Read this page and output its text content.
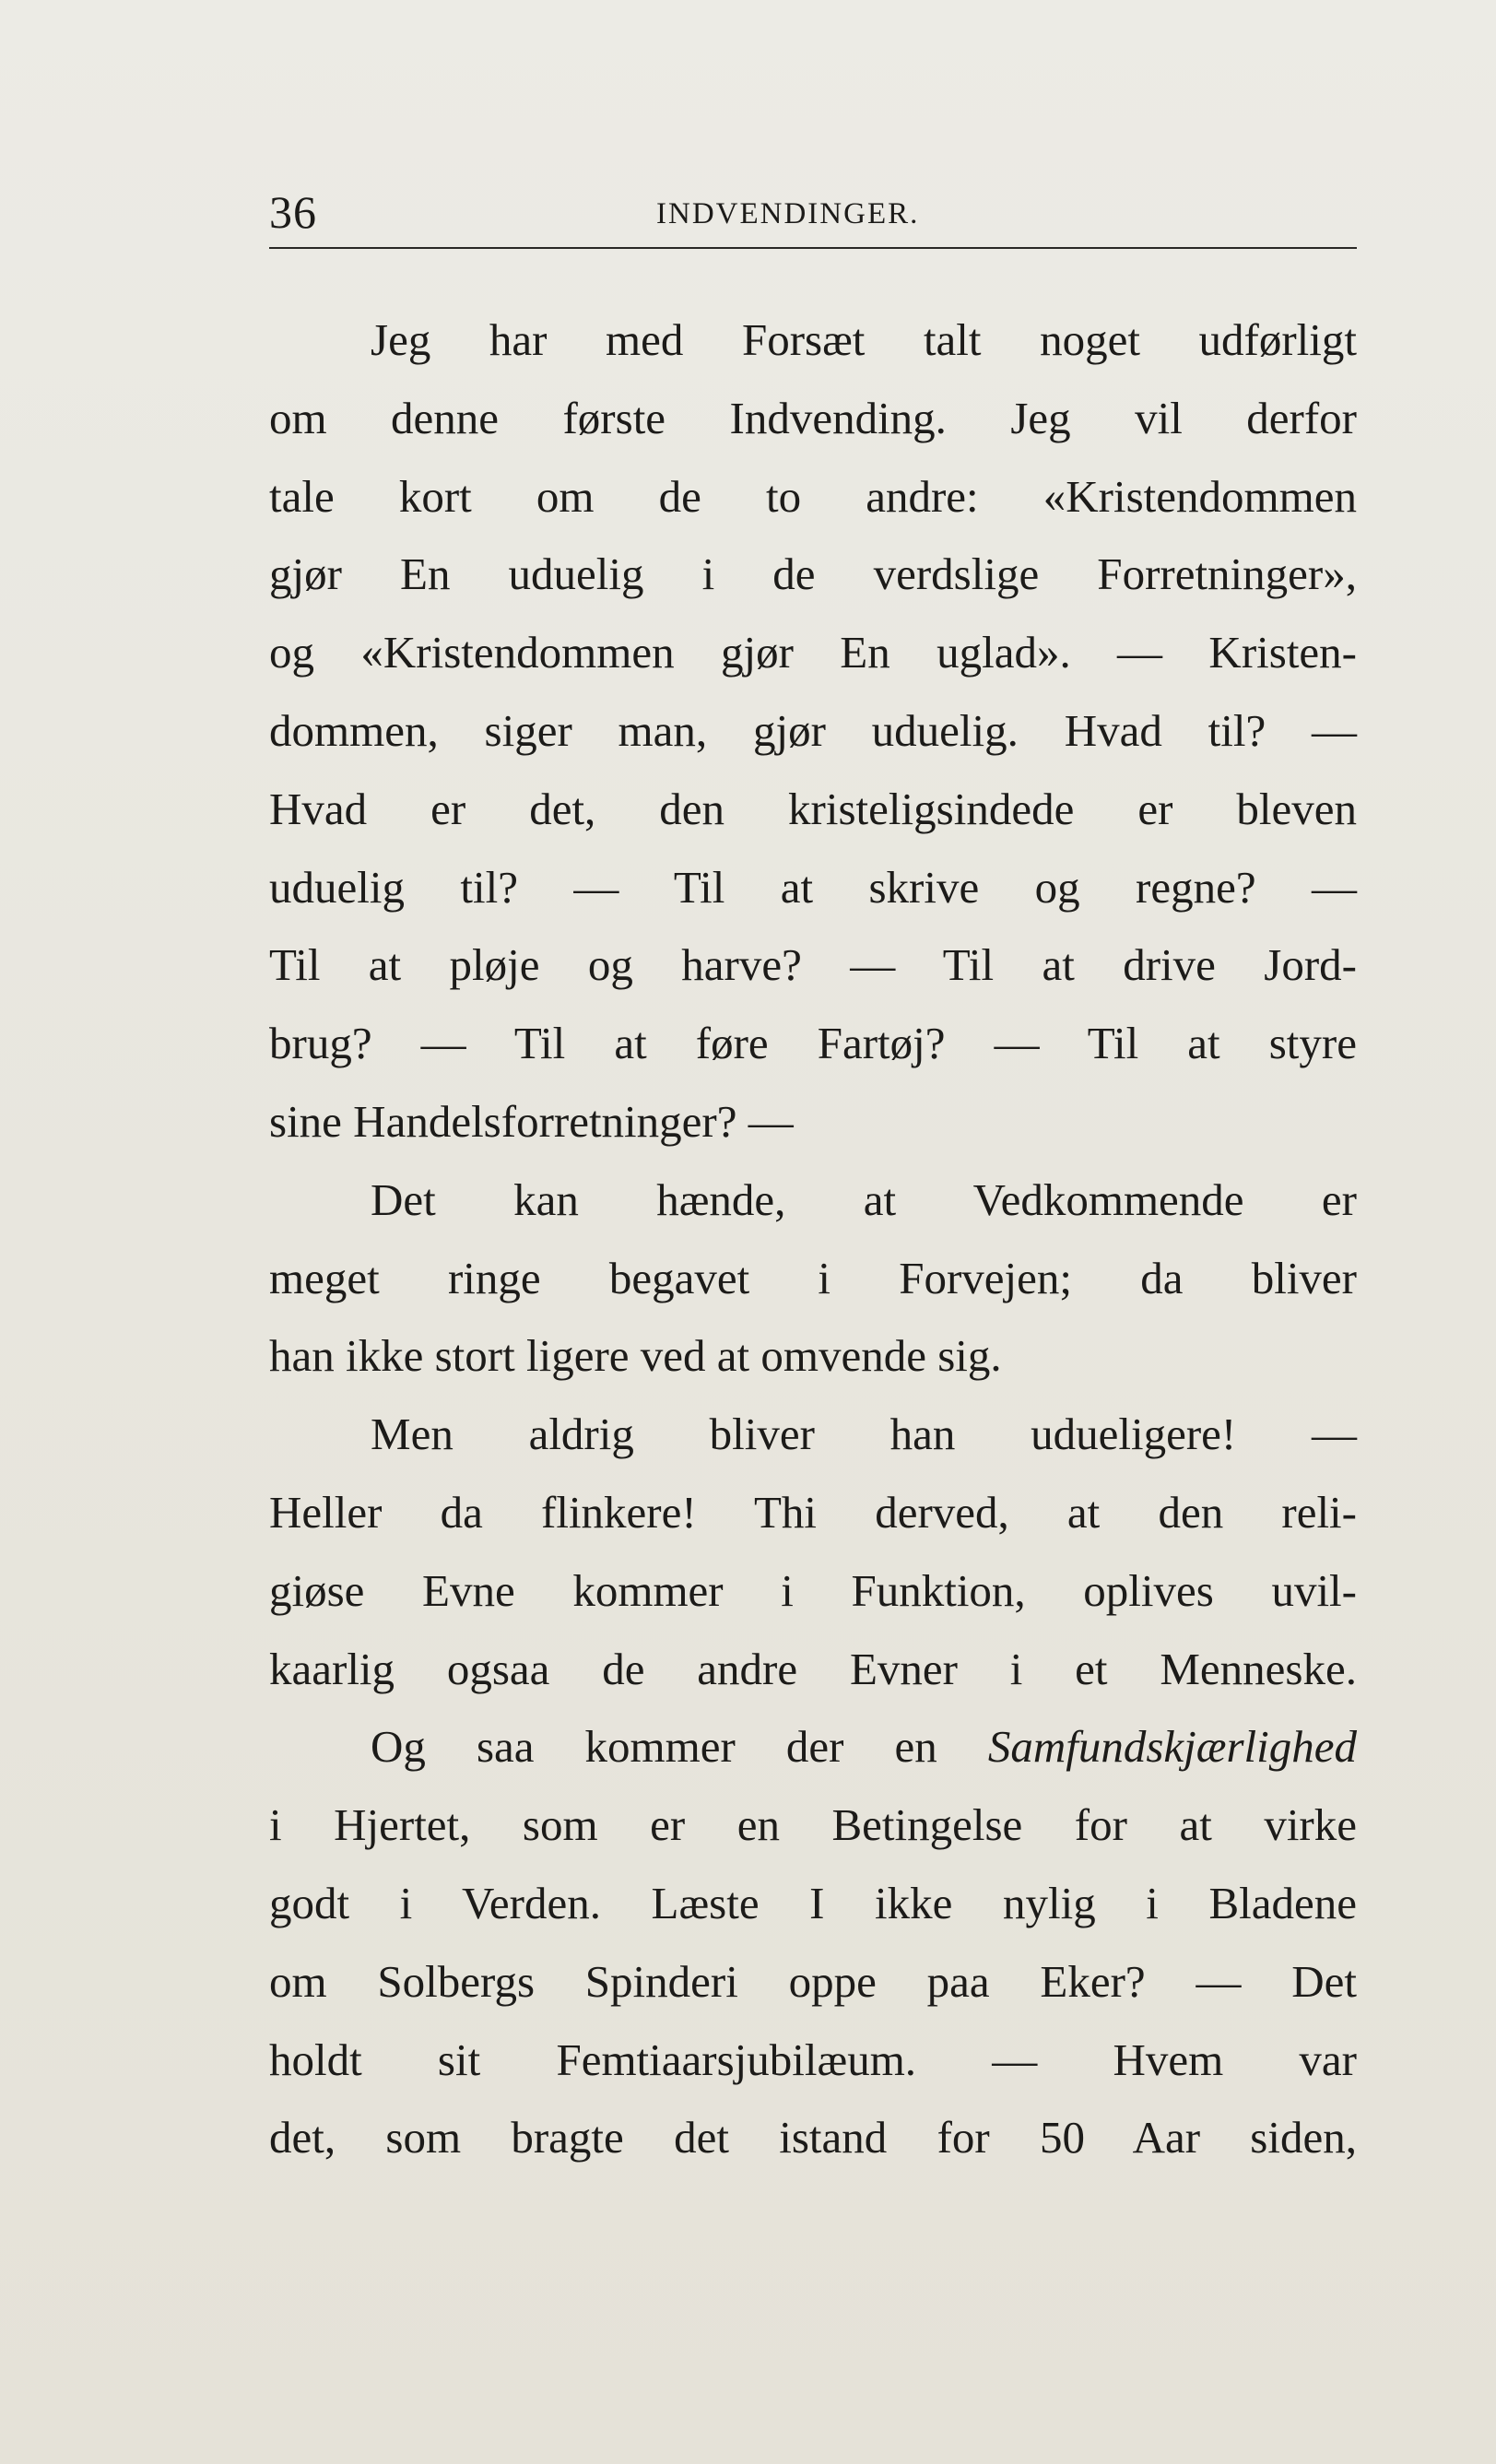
36	INDVENDINGER.
Jeg har med Forsæt talt noget udførligt
om denne første Indvending. Jeg vil derfor
tale kort om de to andre: «Kristendommen
gjør En uduelig i de verdslige Forretninger»,
og «Kristendommen gjør En uglad». — Kristen-
dommen, siger man, gjør uduelig. Hvad til? —
Hvad er det, den kristeligsindede er bleven
uduelig til? — Til at skrive og regne? —
Til at pløje og harve? — Til at drive Jord-
brug? — Til at føre Fartøj? — Til at styre
sine Handelsforretninger? —
Det kan hænde, at Vedkommende er
meget ringe begavet i Forvejen; da bliver
han ikke stort ligere ved at omvende sig.
Men aldrig bliver han udueligere! —
Heller da flinkere! Thi derved, at den reli-
giøse Evne kommer i Funktion, oplives uvil-
kaarlig ogsaa de andre Evner i et Menneske.
Og saa kommer der en Samfundskjærlighed
i Hjertet, som er en Betingelse for at virke
godt i Verden. Læste I ikke nylig i Bladene
om Solbergs Spinderi oppe paa Eker? — Det
holdt sit Femtiaarsjubilæum. — Hvem var
det, som bragte det istand for 50 Aar siden,
